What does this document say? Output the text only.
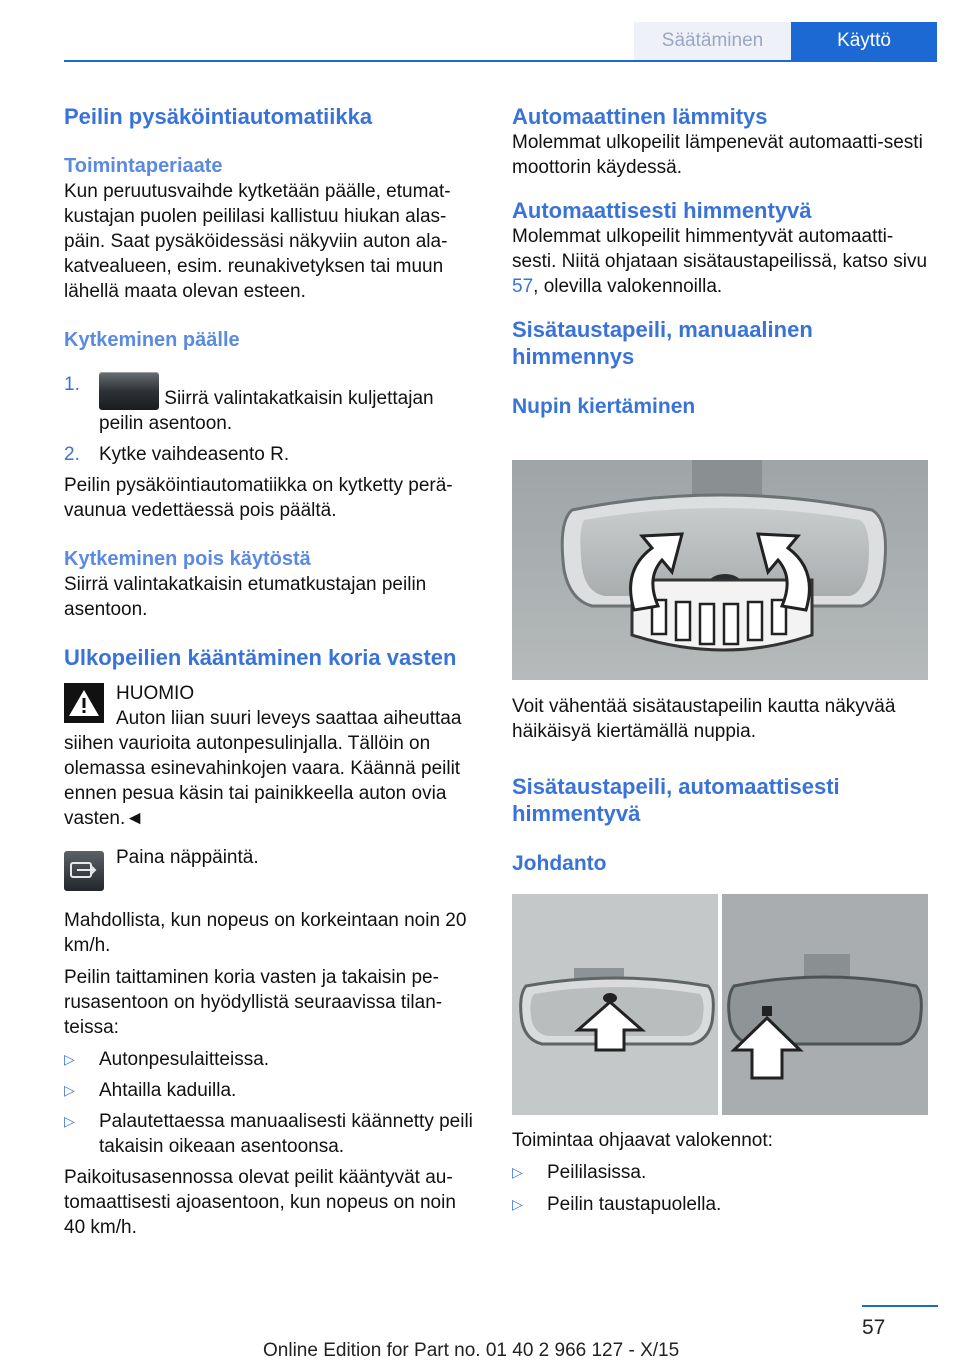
Säätäminen	Käyttö
Peilin pysäköintiautomatiikka
Toimintaperiaate

Kun peruutusvaihde kytketään päälle, etumat-kustajan puolen peililasi kallistuu hiukan alas-päin. Saat pysäköidessäsi näkyviin auton ala-katvealueen, esim. reunakivetyksen tai muun lähellä maata olevan esteen.

Kytkeminen päälle
1.
Siirrä valintakatkaisin kuljettajan peilin asentoon.
2.	Kytke vaihdeasento R.

Peilin pysäköintiautomatiikka on kytketty perä-vaunua vedettäessä pois päältä.

Kytkeminen pois käytöstä

Siirrä valintakatkaisin etumatkustajan peilin asentoon.

Ulkopeilien kääntäminen koria vasten
HUOMIO
Auton liian suuri leveys saattaa aiheuttaa

siihen vaurioita autonpesulinjalla. Tällöin on olemassa esinevahinkojen vaara. Käännä peilit ennen pesua käsin tai painikkeella auton ovia vasten.◄

Paina näppäintä.

Mahdollista, kun nopeus on korkeintaan noin 20 km/h.

Peilin taittaminen koria vasten ja takaisin pe-rusasentoon on hyödyllistä seuraavissa tilan-teissa:

▷	Autonpesulaitteissa.
▷	Ahtailla kaduilla.
▷	Palautettaessa manuaalisesti käännetty peili takaisin oikeaan asentoonsa.

Paikoitusasennossa olevat peilit kääntyvät au-tomaattisesti ajoasentoon, kun nopeus on noin 40 km/h.

Automaattinen lämmitys

Molemmat ulkopeilit lämpenevät automaatti-sesti moottorin käydessä.

Automaattisesti himmentyvä

Molemmat ulkopeilit himmentyvät automaatti-sesti. Niitä ohjataan sisätaustapeilissä, katso sivu 57, olevilla valokennoilla.

Sisätaustapeili, manuaalinen himmennys
Nupin kiertäminen

Voit vähentää sisätaustapeilin kautta näkyvää häikäisyä kiertämällä nuppia.

Sisätaustapeili, automaattisesti himmentyvä
Johdanto

Toimintaa ohjaavat valokennot:

▷	Peililasissa.
▷	Peilin taustapuolella.
57
Online Edition for Part no. 01 40 2 966 127 - X/15
